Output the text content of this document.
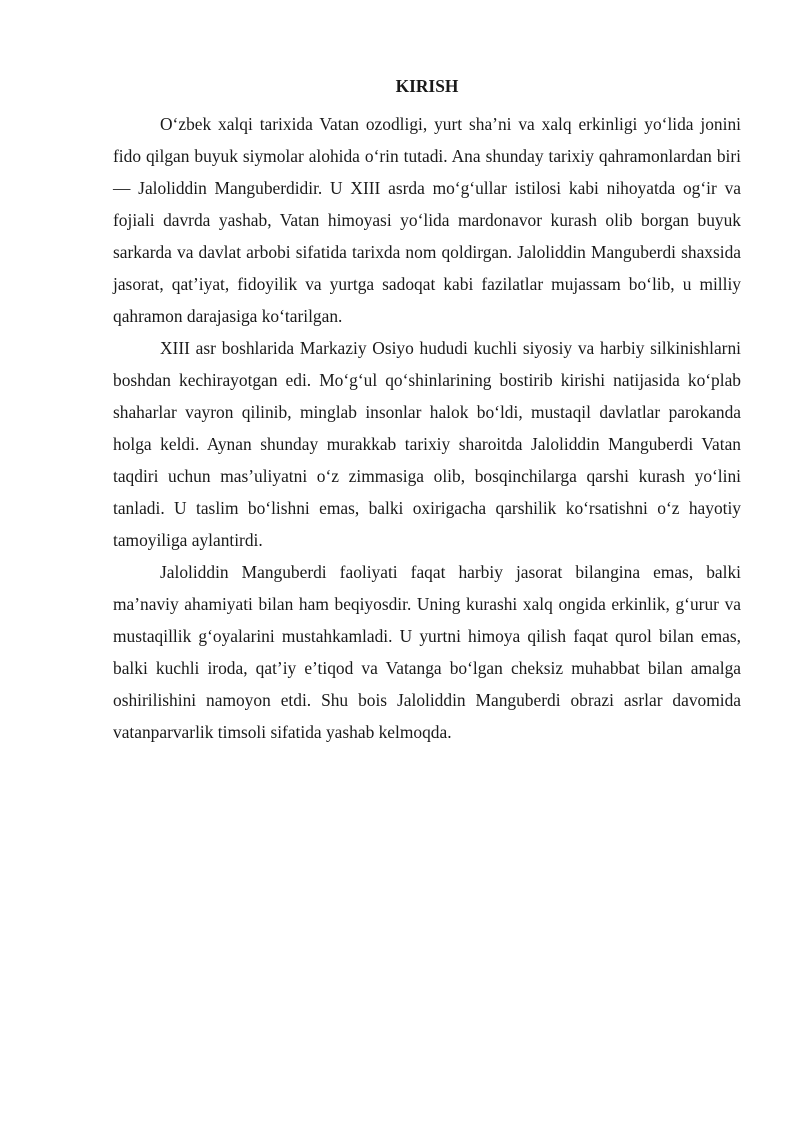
KIRISH

O‘zbek xalqi tarixida Vatan ozodligi, yurt sha’ni va xalq erkinligi yo‘lida jonini fido qilgan buyuk siymolar alohida o‘rin tutadi. Ana shunday tarixiy qahramonlardan biri — Jaloliddin Manguberdidir. U XIII asrda mo‘g‘ullar istilosi kabi nihoyatda og‘ir va fojiali davrda yashab, Vatan himoyasi yo‘lida mardonavor kurash olib borgan buyuk sarkarda va davlat arbobi sifatida tarixda nom qoldirgan. Jaloliddin Manguberdi shaxsida jasorat, qat’iyat, fidoyilik va yurtga sadoqat kabi fazilatlar mujassam bo‘lib, u milliy qahramon darajasiga ko‘tarilgan.

XIII asr boshlarida Markaziy Osiyo hududi kuchli siyosiy va harbiy silkinishlarni boshdan kechirayotgan edi. Mo‘g‘ul qo‘shinlarining bostirib kirishi natijasida ko‘plab shaharlar vayron qilinib, minglab insonlar halok bo‘ldi, mustaqil davlatlar parokanda holga keldi. Aynan shunday murakkab tarixiy sharoitda Jaloliddin Manguberdi Vatan taqdiri uchun mas’uliyatni o‘z zimmasiga olib, bosqinchilarga qarshi kurash yo‘lini tanladi. U taslim bo‘lishni emas, balki oxirigacha qarshilik ko‘rsatishni o‘z hayotiy tamoyiliga aylantirdi.

Jaloliddin Manguberdi faoliyati faqat harbiy jasorat bilangina emas, balki ma’naviy ahamiyati bilan ham beqiyosdir. Uning kurashi xalq ongida erkinlik, g‘urur va mustaqillik g‘oyalarini mustahkamladi. U yurtni himoya qilish faqat qurol bilan emas, balki kuchli iroda, qat’iy e’tiqod va Vatanga bo‘lgan cheksiz muhabbat bilan amalga oshirilishini namoyon etdi. Shu bois Jaloliddin Manguberdi obrazi asrlar davomida vatanparvarlik timsoli sifatida yashab kelmoqda.
